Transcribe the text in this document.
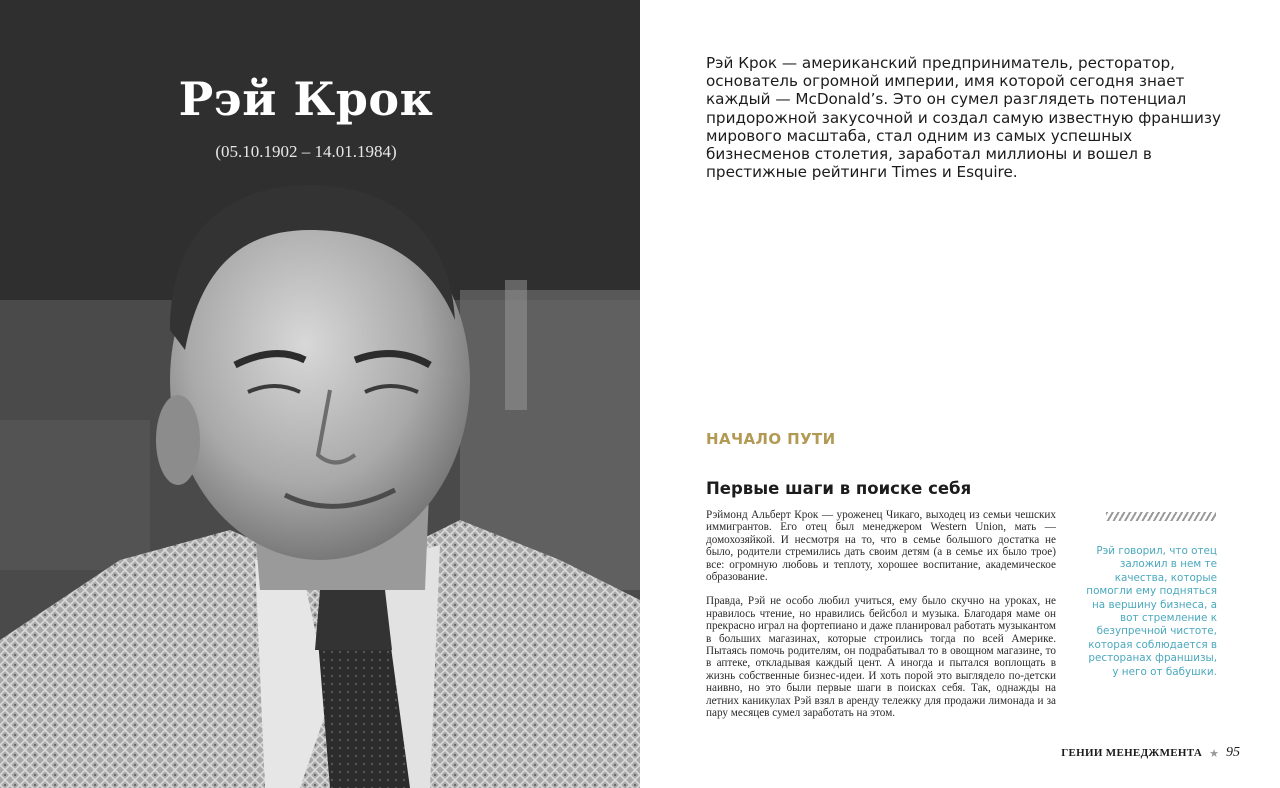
Рэй Крок
(05.10.1902 – 14.01.1984)
Рэй Крок — американский предприниматель, ресторатор, основатель огромной империи, имя которой сегодня знает каждый — McDonald’s. Это он сумел разглядеть потенциал придорожной закусочной и создал самую известную франшизу мирового масштаба, стал одним из самых успешных бизнесменов столетия, заработал миллионы и вошел в престижные рейтинги Times и Esquire.
НАЧАЛО ПУТИ
Первые шаги в поиске себя

Рэймонд Альберт Крок — уроженец Чикаго, выходец из семьи чешских иммигрантов. Его отец был менеджером Western Union, мать — домохозяйкой. И несмотря на то, что в семье большого достатка не было, родители стремились дать своим детям (а в семье их было трое) все: огромную любовь и теплоту, хорошее воспитание, академическое образование.

Правда, Рэй не особо любил учиться, ему было скучно на уроках, не нравилось чтение, но нравились бейсбол и музыка. Благодаря маме он прекрасно играл на фортепиано и даже планировал работать музыкантом в больших магазинах, которые строились тогда по всей Америке. Пытаясь помочь родителям, он подрабатывал то в овощном магазине, то в аптеке, откладывая каждый цент. А иногда и пытался воплощать в жизнь собственные бизнес-идеи. И хоть порой это выглядело по-детски наивно, но это были первые шаги в поисках себя. Так, однажды на летних каникулах Рэй взял в аренду тележку для продажи лимонада и за пару месяцев сумел заработать на этом.

Рэй говорил, что отец заложил в нем те качества, которые помогли ему подняться на вершину бизнеса, а вот стремление к безупречной чистоте, которая соблюдается в ресторанах франшизы, у него от бабушки.
ГЕНИИ МЕНЕДЖМЕНТА ★ 95
